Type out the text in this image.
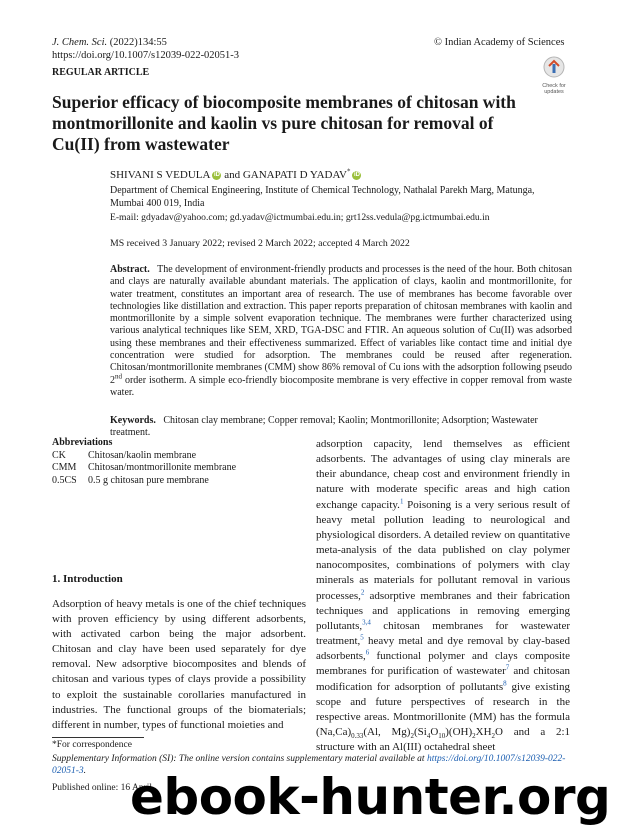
J. Chem. Sci. (2022)134:55
https://doi.org/10.1007/s12039-022-02051-3
© Indian Academy of Sciences
REGULAR ARTICLE
Check for
updates
Superior efficacy of biocomposite membranes of chitosan with montmorillonite and kaolin vs pure chitosan for removal of Cu(II) from wastewater
SHIVANI S VEDULA iD and GANAPATI D YADAV* iD
Department of Chemical Engineering, Institute of Chemical Technology, Nathalal Parekh Marg, Matunga, Mumbai 400 019, India
E-mail: gdyadav@yahoo.com; gd.yadav@ictmumbai.edu.in; grt12ss.vedula@pg.ictmumbai.edu.in
MS received 3 January 2022; revised 2 March 2022; accepted 4 March 2022
Abstract. The development of environment-friendly products and processes is the need of the hour. Both chitosan and clays are naturally available abundant materials. The application of clays, kaolin and montmorillonite, for water treatment, constitutes an important area of research. The use of membranes has become favorable over technologies like distillation and extraction. This paper reports preparation of chitosan membranes with kaolin and montmorillonite by a simple solvent evaporation technique. The membranes were further characterized using various analytical techniques like SEM, XRD, TGA-DSC and FTIR. An aqueous solution of Cu(II) was adsorbed using these membranes and their effectiveness summarized. Effect of variables like contact time and initial dye concentration were studied for adsorption. The membranes could be reused after regeneration. Chitosan/montmorillonite membranes (CMM) show 86% removal of Cu ions with the adsorption following pseudo 2nd order isotherm. A simple eco-friendly biocomposite membrane is very effective in copper removal from waste water.
Keywords. Chitosan clay membrane; Copper removal; Kaolin; Montmorillonite; Adsorption; Wastewater treatment.
Abbreviations
CK	Chitosan/kaolin membrane
CMM	Chitosan/montmorillonite membrane
0.5CS	0.5 g chitosan pure membrane
1. Introduction
Adsorption of heavy metals is one of the chief techniques with proven efficiency by using different adsorbents, with activated carbon being the major adsorbent. Chitosan and clay have been used separately for dye removal. New adsorptive biocomposites and blends of chitosan and various types of clays provide a possibility to exploit the sustainable corollaries manufactured in industries. The functional groups of the biomaterials; different in number, types of functional moieties and
adsorption capacity, lend themselves as efficient adsorbents. The advantages of using clay minerals are their abundance, cheap cost and environment friendly in nature with moderate specific areas and high cation exchange capacity.$^1$ Poisoning is a very serious result of heavy metal pollution leading to neurological and physiological disorders. A detailed review on quantitative meta-analysis of the data published on clay polymer nanocomposites, combinations of polymers with clay minerals as materials for pollutant removal in various processes,$^2$ adsorptive membranes and their fabrication techniques and applications in removing emerging pollutants,$^{3,4}$ chitosan membranes for wastewater treatment,$^5$ heavy metal and dye removal by clay-based adsorbents,$^6$ functional polymer and clays composite membranes for purification of wastewater$^7$ and chitosan modification for adsorption of pollutants$^8$ give existing scope and future perspectives of research in the respective areas. Montmorillonite (MM) has the formula $(Na,Ca)_{0.33}(Al$, $Mg)_2(Si_4O_{10})(OH)_2XH_2O$ and a 2:1 structure with an Al(III) octahedral sheet
*For correspondence
Supplementary Information (SI): The online version contains supplementary material available at https://doi.org/10.1007/s12039-022-02051-3.
Published online: 16 April
ebook-hunter.org
